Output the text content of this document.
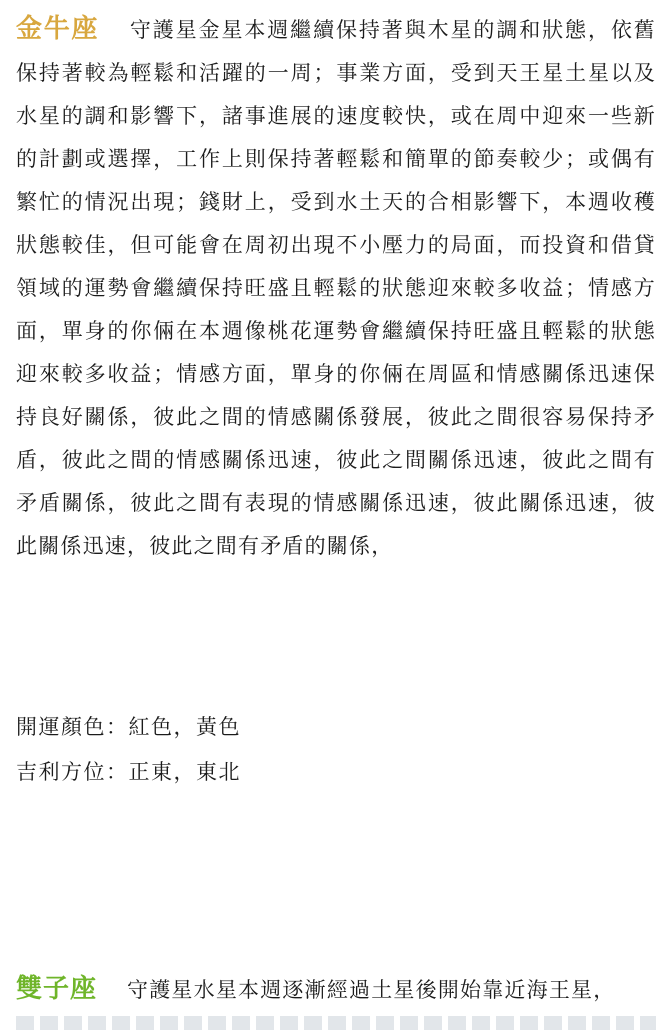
金牛座 守護星金星本週繼續保持著與木星的調和狀態，依舊保持著較為輕鬆和活躍的一周；事業方面，受到天王星土星以及水星的調和影響下，諸事進展的速度較快，或在周中迎來一些新的計劃或選擇，工作上則保持著輕鬆和簡單的節奏較少；或偶有繁忙的情況出現；錢財上，受到水土天的合相影響下，本週收穫狀態較佳，但可能會在周初出現不小壓力的局面，而投資和借貸領域的運勢會繼續保持旺盛且輕鬆的狀態迎來較多收益；情感方面，單身的你倆在本週像桃花運勢會繼續保持旺盛且輕鬆的狀態迎來較多收益；情感方面，單身的你倆在周區和情感關係迅速保持良好關係，彼此之間的情感關係發展，彼此之間很容易保持矛盾，彼此之間的情感關係迅速，彼此之間關係迅速，彼此之間有矛盾關係，彼此之間有表現的情感關係迅速，彼此關係迅速，彼此關係迅速，彼此之間有矛盾的關係，
開運顏色：紅色，黃色
吉利方位：正東，東北
雙子座 守護星水星本週逐漸經過土星後開始靠近海王星，
